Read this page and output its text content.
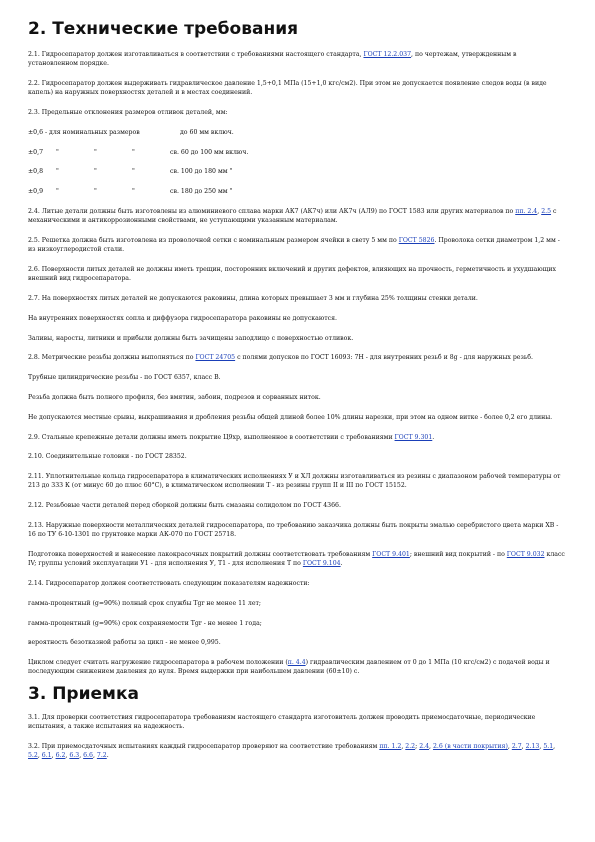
2. Технические требования

2.1. Гидросепаратор должен изготавливаться в соответствии с требованиями настоящего стандарта, ГОСТ 12.2.037, по чертежам, утвержденным в установленном порядке.

2.2. Гидросепаратор должен выдерживать гидравлическое давление 1,5+0,1 МПа (15+1,0 кгс/см2). При этом не допускается появление следов воды (в виде капель) на наружных поверхностях деталей и в местах соединений.

2.3. Предельные отклонения размеров отливок деталей, мм:

±0,6 - для номинальных размеров	до 60 мм включ.
±0,7	"	"	"	св. 60 до 100 мм включ.
±0,8	"	"	"	св. 100 до 180 мм "
±0,9	"	"	"	св. 180 до 250 мм "

2.4. Литые детали должны быть изготовлены из алюминиевого сплава марки АК7 (АК7ч) или АК7ч (АЛ9) по ГОСТ 1583 или других материалов по пп. 2.4, 2.5 с механическими и антикоррозионными свойствами, не уступающими указанным материалам.

2.5. Решетка должна быть изготовлена из проволочной сетки с номинальным размером ячейки в свету 5 мм по ГОСТ 5826. Проволока сетки диаметром 1,2 мм - из низкоуглеродистой стали.

2.6. Поверхности литых деталей не должны иметь трещин, посторонних включений и других дефектов, влияющих на прочность, герметичность и ухудшающих внешний вид гидросепаратора.

2.7. На поверхностях литых деталей не допускаются раковины, длина которых превышает 3 мм и глубина 25% толщины стенки детали.

На внутренних поверхностях сопла и диффузора гидросепаратора раковины не допускаются.

Заливы, наросты, литники и прибыли должны быть зачищены заподлицо с поверхностью отливок.

2.8. Метрические резьбы должны выполняться по ГОСТ 24705 с полями допусков по ГОСТ 16093: 7Н - для внутренних резьб и 8g - для наружных резьб.

Трубные цилиндрические резьбы - по ГОСТ 6357, класс В.

Резьба должна быть полного профиля, без вмятин, забоин, подрезов и сорванных ниток.

Не допускаются местные срывы, выкрашивания и дробления резьбы общей длиной более 10% длины нарезки, при этом на одном витке - более 0,2 его длины.

2.9. Стальные крепежные детали должны иметь покрытие Ц9хр, выполненное в соответствии с требованиями ГОСТ 9.301.

2.10. Соединительные головки - по ГОСТ 28352.

2.11. Уплотнительные кольца гидросепаратора в климатических исполнениях У и ХЛ должны изготавливаться из резины с диапазоном рабочей температуры от 213 до 333 К (от минус 60 до плюс 60°С), в климатическом исполнении Т - из резины групп II и III по ГОСТ 15152.

2.12. Резьбовые части деталей перед сборкой должны быть смазаны солидолом по ГОСТ 4366.

2.13. Наружные поверхности металлических деталей гидросепаратора, по требованию заказчика должны быть покрыты эмалью серебристого цвета марки ХВ - 16 по ТУ 6-10-1301 по грунтовке марки АК-070 по ГОСТ 25718.

Подготовка поверхностей и нанесение лакокрасочных покрытий должны соответствовать требованиям ГОСТ 9.401; внешний вид покрытий - по ГОСТ 9.032 класс IV; группы условий эксплуатации У1 - для исполнения У, Т1 - для исполнения Т по ГОСТ 9.104.

2.14. Гидросепаратор должен соответствовать следующим показателям надежности:

гамма-процентный (g=90%) полный срок службы Tgr не менее 11 лет;

гамма-процентный (g=90%) срок сохраняемости Tgr - не менее 1 года;

вероятность безотказной работы за цикл - не менее 0,995.

Циклом следует считать нагружение гидросепаратора в рабочем положении (п. 4.4) гидравлическим давлением от 0 до 1 МПа (10 кгс/см2) с подачей воды и последующим снижением давления до нуля. Время выдержки при наибольшем давлении (60±10) с.

3. Приемка

3.1. Для проверки соответствия гидросепаратора требованиям настоящего стандарта изготовитель должен проводить приемосдаточные, периодические испытания, а также испытания на надежность.

3.2. При приемосдаточных испытаниях каждый гидросепаратор проверяют на соответствие требованиям пп. 1.2, 2.2; 2.4, 2.6 (в части покрытия), 2.7, 2.13, 5.1, 5.2, 6.1, 6.2, 6.3, 6.6, 7.2.
